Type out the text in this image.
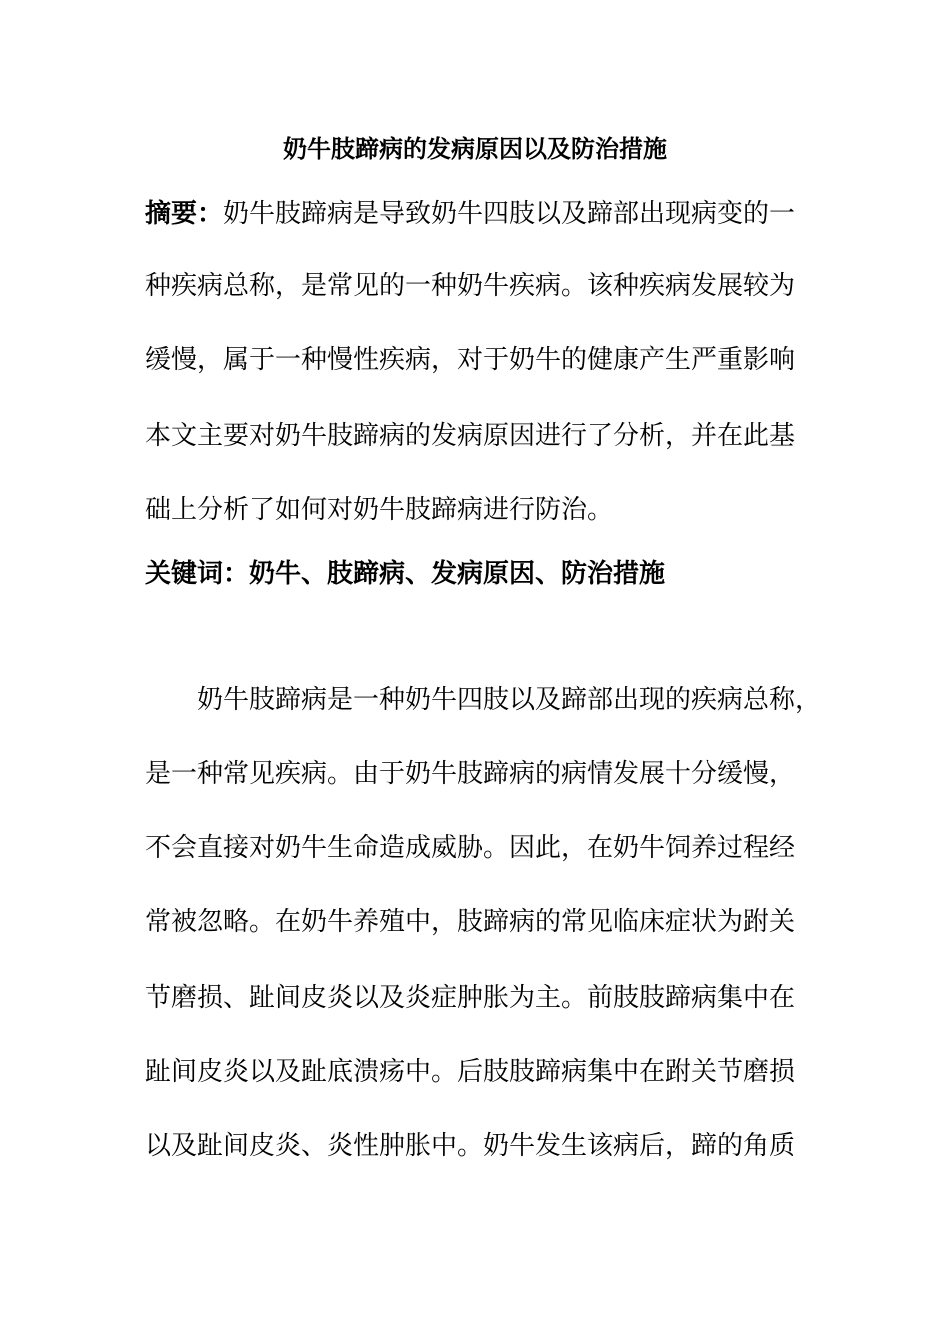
奶牛肢蹄病的发病原因以及防治措施
摘要：奶牛肢蹄病是导致奶牛四肢以及蹄部出现病变的一
种疾病总称，是常见的一种奶牛疾病。该种疾病发展较为
缓慢，属于一种慢性疾病，对于奶牛的健康产生严重影响
本文主要对奶牛肢蹄病的发病原因进行了分析，并在此基
础上分析了如何对奶牛肢蹄病进行防治。
关键词：奶牛、肢蹄病、发病原因、防治措施
奶牛肢蹄病是一种奶牛四肢以及蹄部出现的疾病总称，
是一种常见疾病。由于奶牛肢蹄病的病情发展十分缓慢，
不会直接对奶牛生命造成威胁。因此，在奶牛饲养过程经
常被忽略。在奶牛养殖中，肢蹄病的常见临床症状为跗关
节磨损、趾间皮炎以及炎症肿胀为主。前肢肢蹄病集中在
趾间皮炎以及趾底溃疡中。后肢肢蹄病集中在跗关节磨损
以及趾间皮炎、炎性肿胀中。奶牛发生该病后，蹄的角质
